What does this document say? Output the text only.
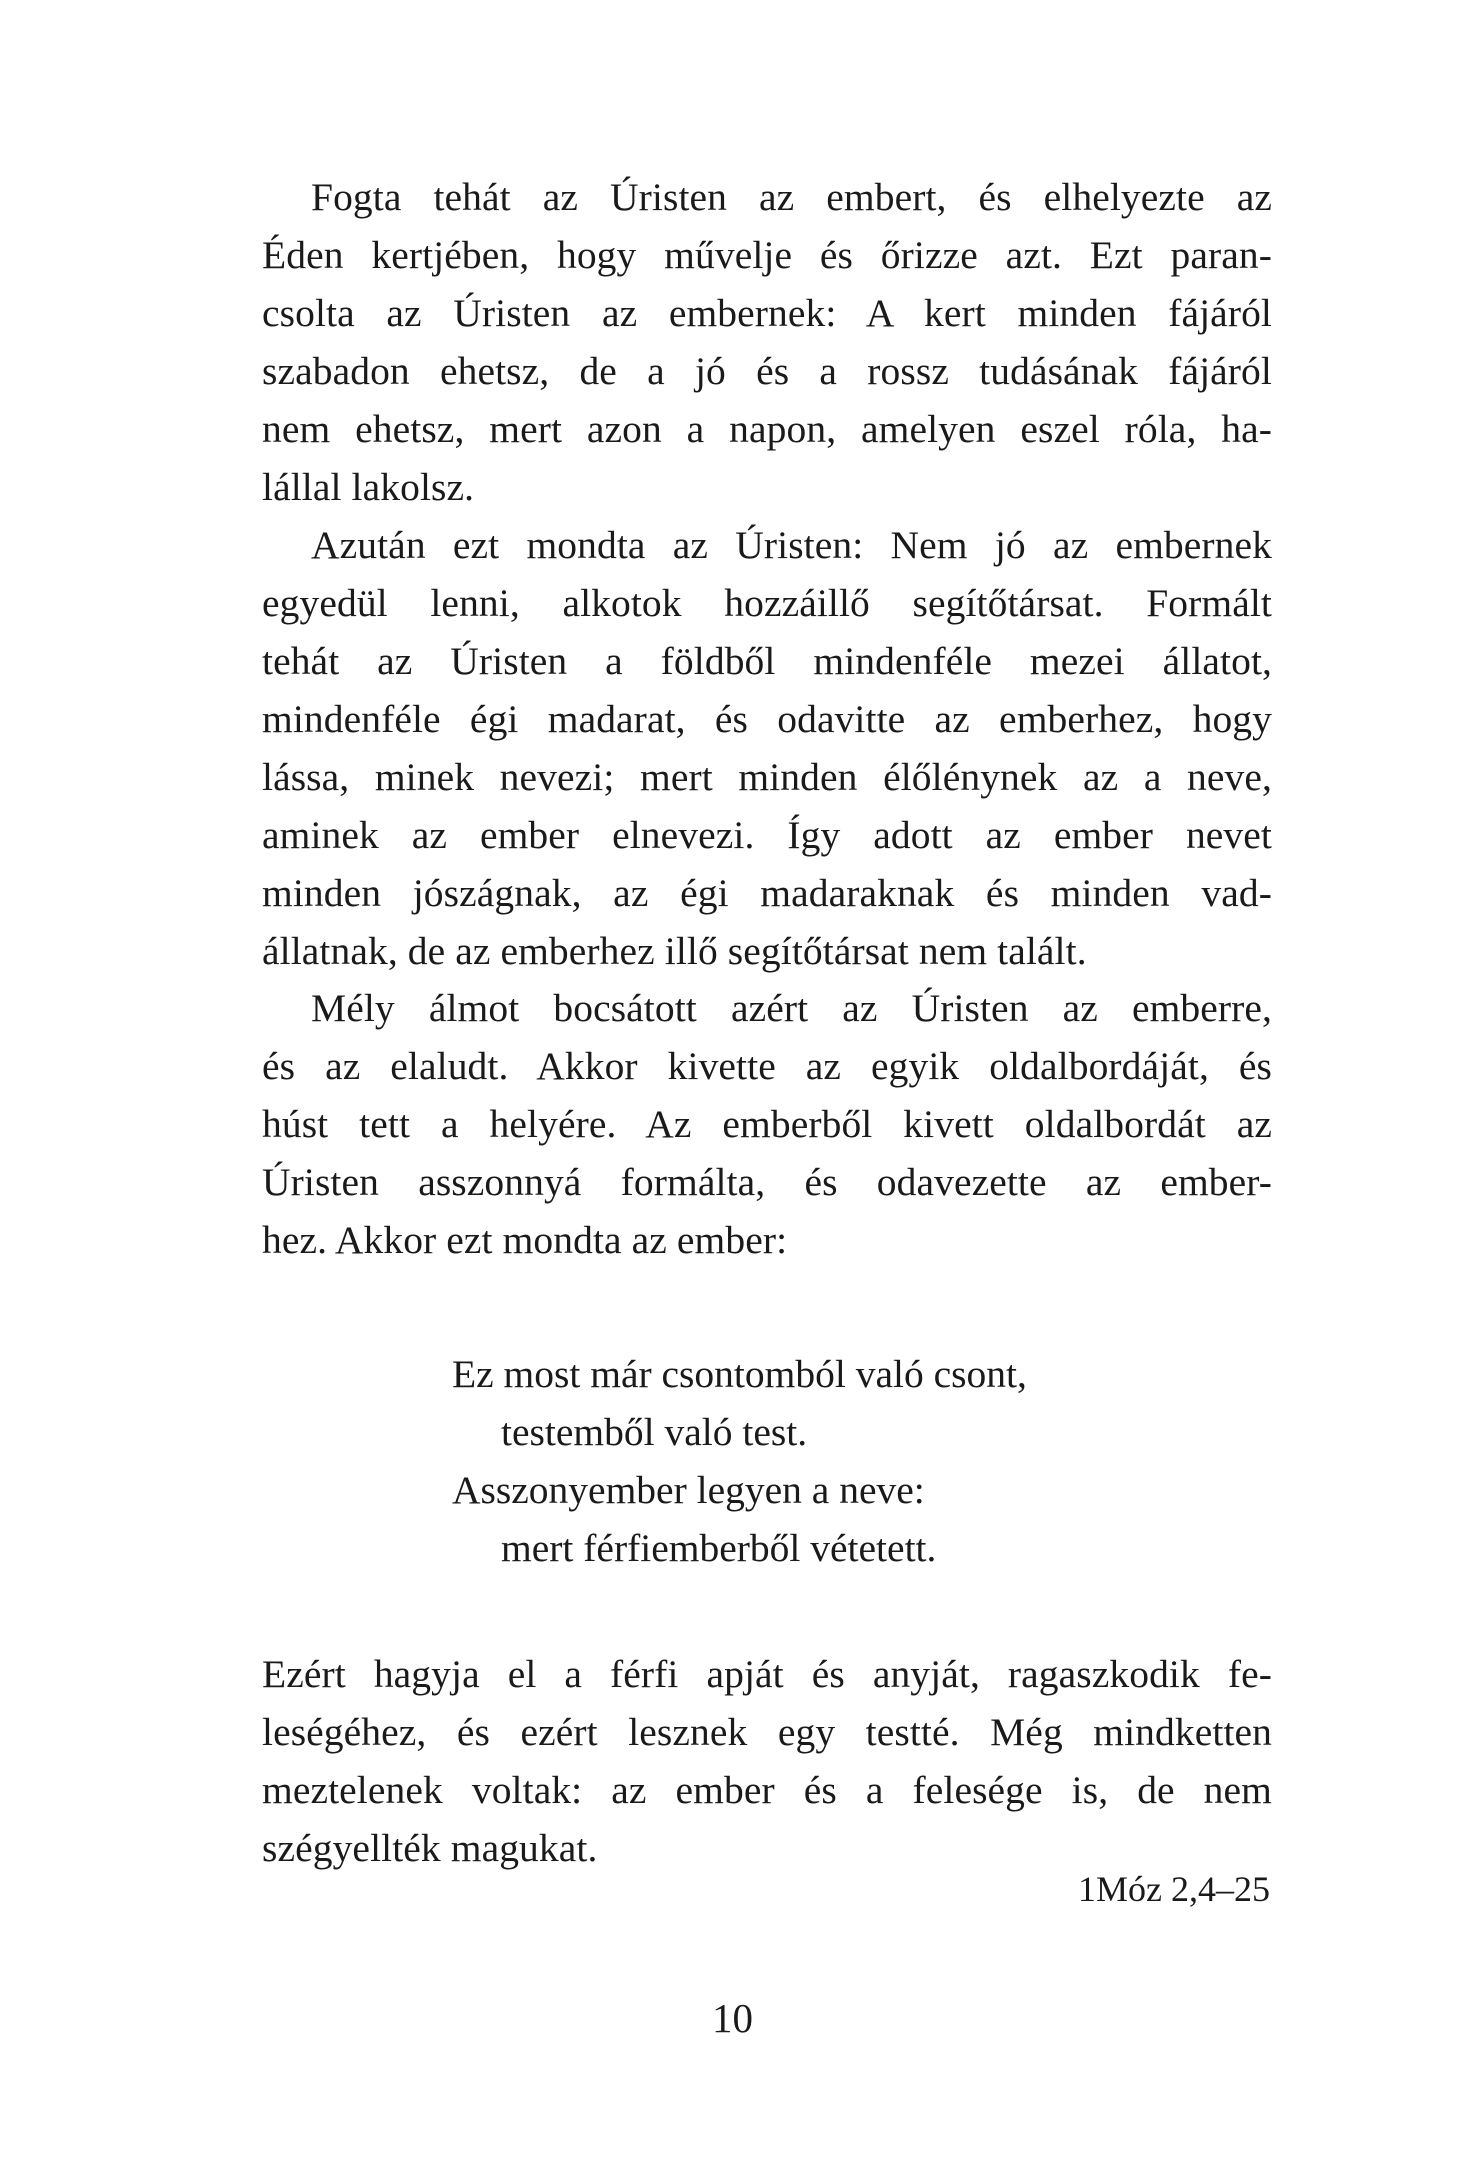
Fogta tehát az Úristen az embert, és elhelyezte az
Éden kertjében, hogy művelje és őrizze azt. Ezt paran-
csolta az Úristen az embernek: A kert minden fájáról
szabadon ehetsz, de a jó és a rossz tudásának fájáról
nem ehetsz, mert azon a napon, amelyen eszel róla, ha-
lállal lakolsz.
Azután ezt mondta az Úristen: Nem jó az embernek
egyedül lenni, alkotok hozzáillő segítőtársat. Formált
tehát az Úristen a földből mindenféle mezei állatot,
mindenféle égi madarat, és odavitte az emberhez, hogy
lássa, minek nevezi; mert minden élőlénynek az a neve,
aminek az ember elnevezi. Így adott az ember nevet
minden jószágnak, az égi madaraknak és minden vad-
állatnak, de az emberhez illő segítőtársat nem talált.
Mély álmot bocsátott azért az Úristen az emberre,
és az elaludt. Akkor kivette az egyik oldalbordáját, és
húst tett a helyére. Az emberből kivett oldalbordát az
Úristen asszonnyá formálta, és odavezette az ember-
hez. Akkor ezt mondta az ember:
Ez most már csontomból való csont,
testemből való test.
Asszonyember legyen a neve:
mert férfiemberből vétetett.
Ezért hagyja el a férfi apját és anyját, ragaszkodik fe-
leségéhez, és ezért lesznek egy testté. Még mindketten
meztelenek voltak: az ember és a felesége is, de nem
szégyellték magukat.
1Móz 2,4–25
10
